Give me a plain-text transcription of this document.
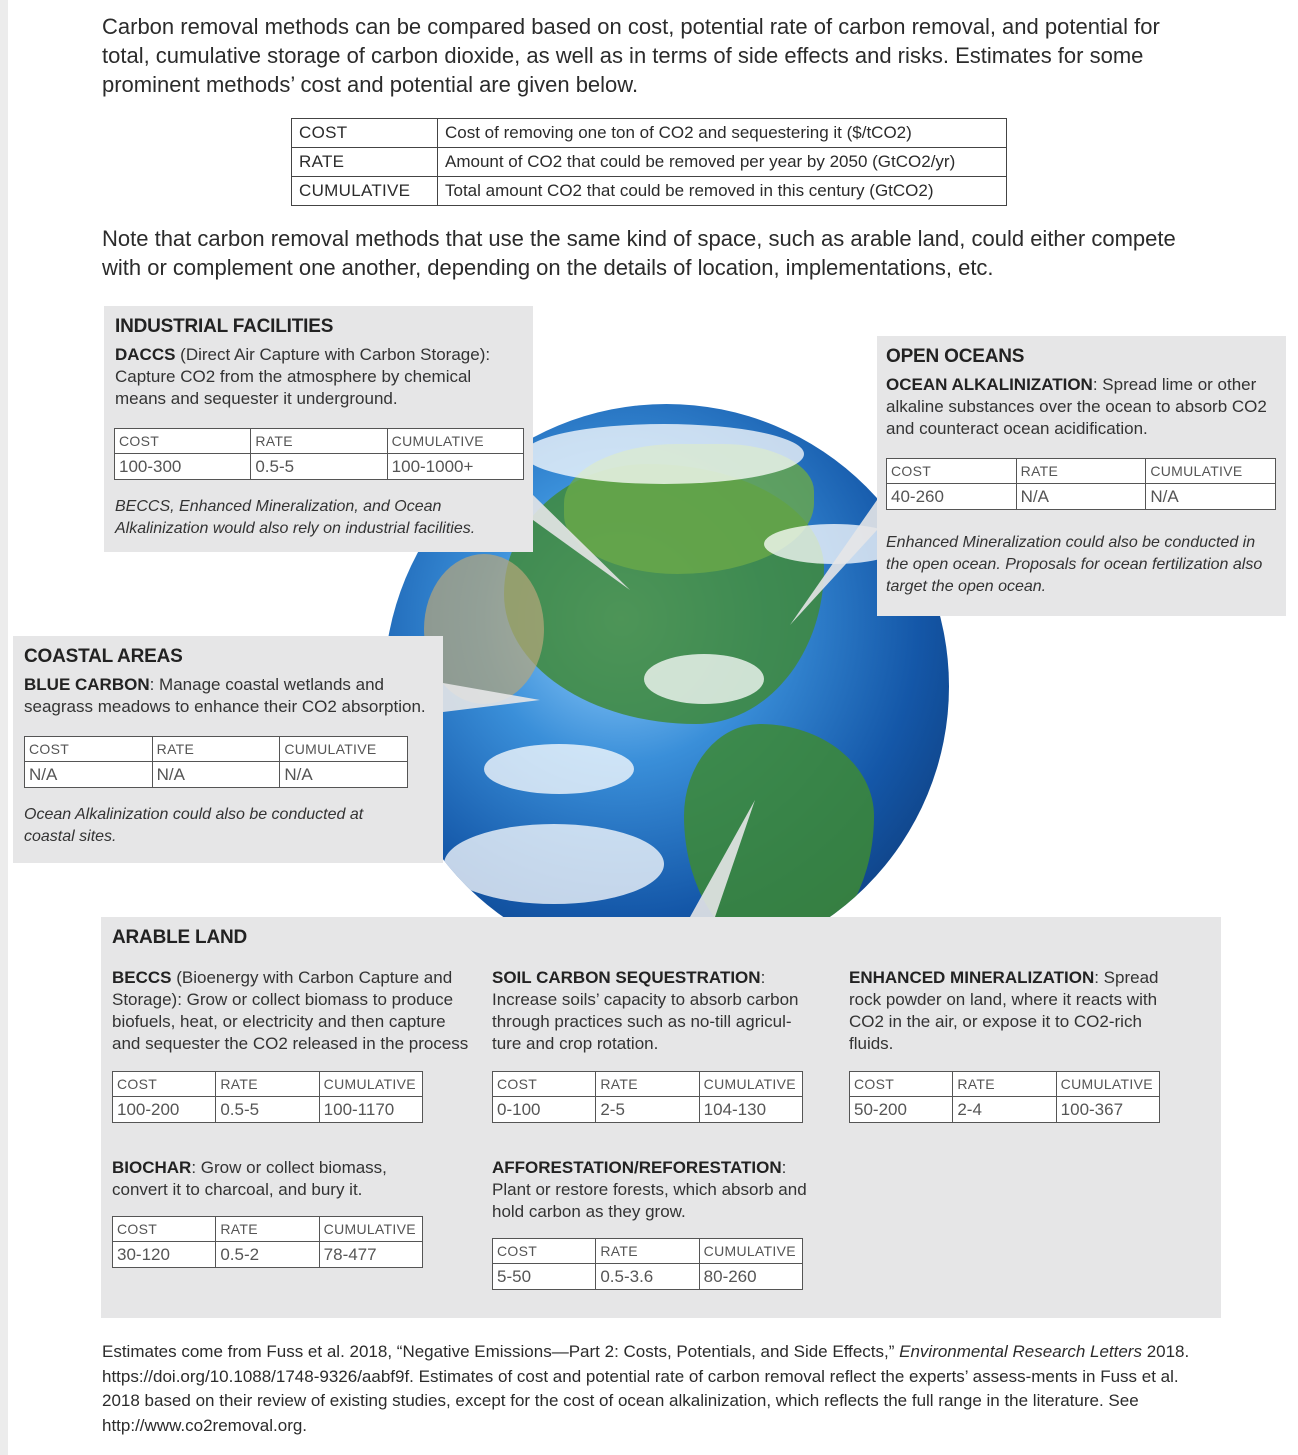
Carbon removal methods can be compared based on cost, potential rate of carbon removal, and potential for total, cumulative storage of carbon dioxide, as well as in terms of side effects and risks. Estimates for some prominent methods’ cost and potential are given below.

COST	Cost of removing one ton of CO2 and sequestering it ($/tCO2)
RATE	Amount of CO2 that could be removed per year by 2050 (GtCO2/yr)
CUMULATIVE	Total amount CO2 that could be removed in this century (GtCO2)

Note that carbon removal methods that use the same kind of space, such as arable land, could either compete with or complement one another, depending on the details of location, implementations, etc.

INDUSTRIAL FACILITIES
DACCS (Direct Air Capture with Carbon Storage): Capture CO2 from the atmosphere by chemical means and sequester it underground.
COST	RATE	CUMULATIVE
100-300	0.5-5	100-1000+
BECCS, Enhanced Mineralization, and Ocean Alkalinization would also rely on industrial facilities.
OPEN OCEANS
OCEAN ALKALINIZATION: Spread lime or other alkaline substances over the ocean to absorb CO2 and counteract ocean acidification.
COST	RATE	CUMULATIVE
40-260	N/A	N/A
Enhanced Mineralization could also be conducted in the open ocean. Proposals for ocean fertilization also target the open ocean.
COASTAL AREAS
BLUE CARBON: Manage coastal wetlands and seagrass meadows to enhance their CO2 absorption.
COST	RATE	CUMULATIVE
N/A	N/A	N/A
Ocean Alkalinization could also be conducted at coastal sites.
ARABLE LAND
BECCS (Bioenergy with Carbon Capture and Storage): Grow or collect biomass to produce biofuels, heat, or electricity and then capture and sequester the CO2 released in the process
COST	RATE	CUMULATIVE
100-200	0.5-5	100-1170
SOIL CARBON SEQUESTRATION: Increase soils’ capacity to absorb carbon through practices such as no-till agricul-ture and crop rotation.
COST	RATE	CUMULATIVE
0-100	2-5	104-130
ENHANCED MINERALIZATION: Spread rock powder on land, where it reacts with CO2 in the air, or expose it to CO2-rich fluids.
COST	RATE	CUMULATIVE
50-200	2-4	100-367
BIOCHAR: Grow or collect biomass, convert it to charcoal, and bury it.
COST	RATE	CUMULATIVE
30-120	0.5-2	78-477
AFFORESTATION/REFORESTATION: Plant or restore forests, which absorb and hold carbon as they grow.
COST	RATE	CUMULATIVE
5-50	0.5-3.6	80-260

Estimates come from Fuss et al. 2018, “Negative Emissions—Part 2: Costs, Potentials, and Side Effects,” Environmental Research Letters 2018. https://doi.org/10.1088/1748-9326/aabf9f. Estimates of cost and potential rate of carbon removal reflect the experts’ assess-ments in Fuss et al. 2018 based on their review of existing studies, except for the cost of ocean alkalinization, which reflects the full range in the literature. See http://www.co2removal.org.
